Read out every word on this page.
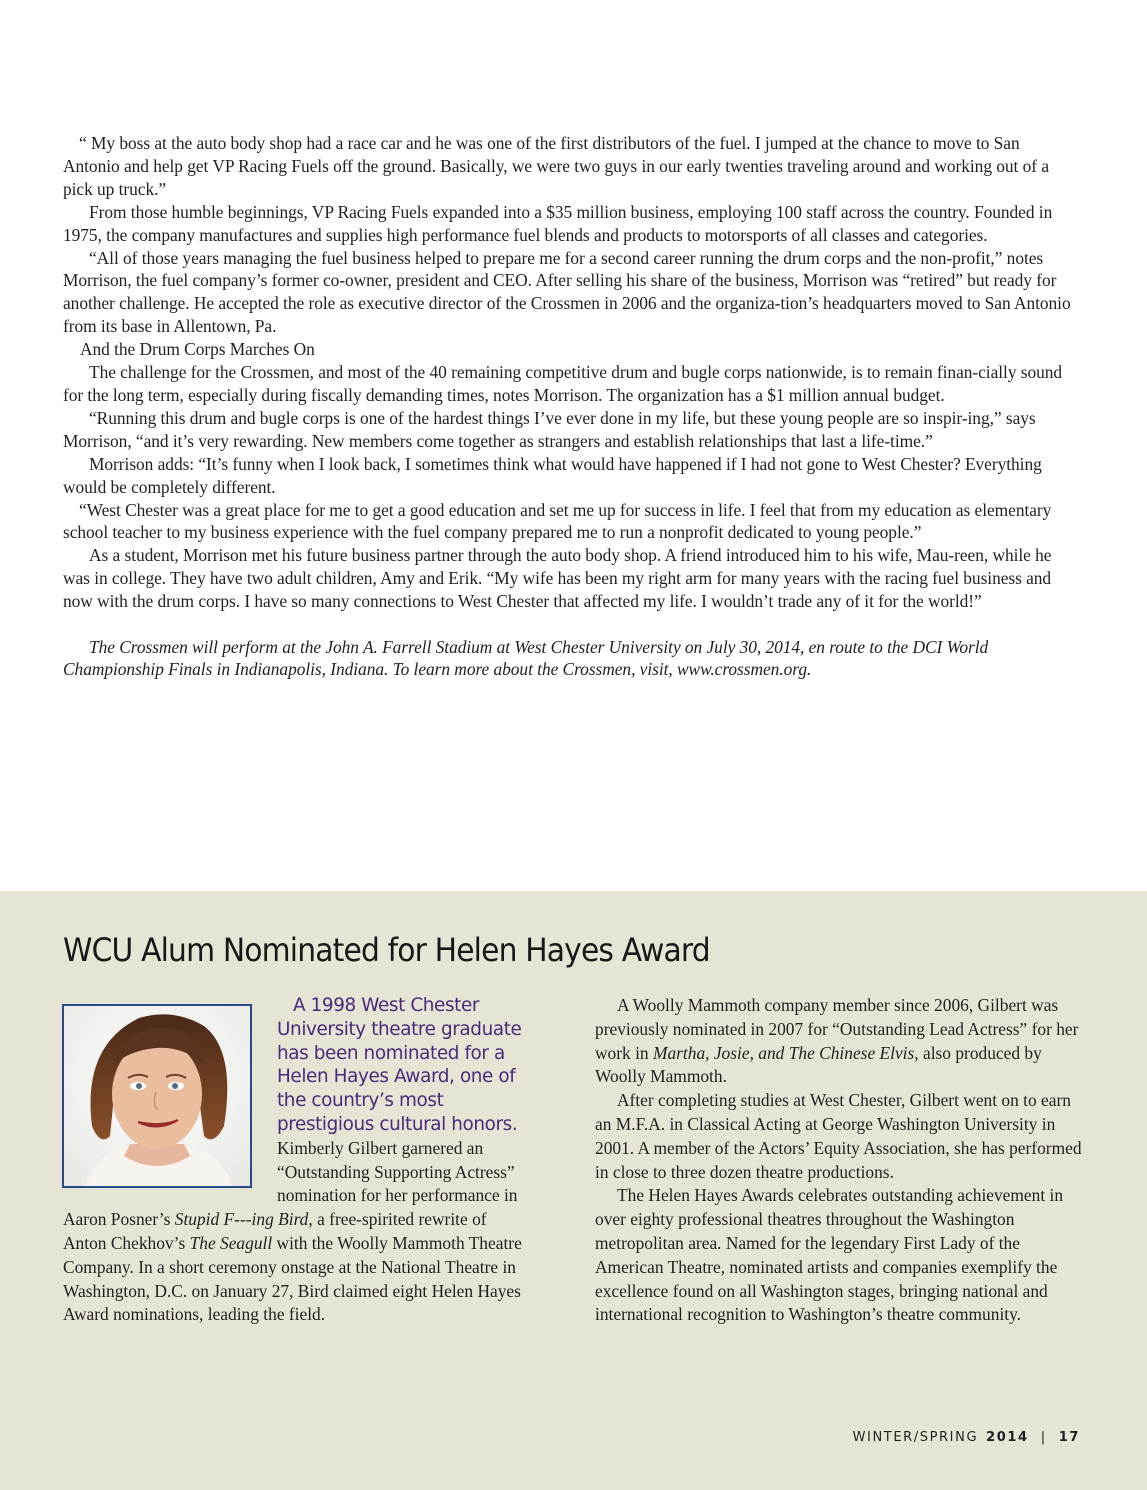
“ My boss at the auto body shop had a race car and he was one of the first distributors of the fuel. I jumped at the chance to move to San Antonio and help get VP Racing Fuels off the ground. Basically, we were two guys in our early twenties traveling around and working out of a pick up truck.”

From those humble beginnings, VP Racing Fuels expanded into a $35 million business, employing 100 staff across the country. Founded in 1975, the company manufactures and supplies high performance fuel blends and products to motorsports of all classes and categories.

“All of those years managing the fuel business helped to prepare me for a second career running the drum corps and the non-profit,” notes Morrison, the fuel company’s former co-owner, president and CEO. After selling his share of the business, Morrison was “retired” but ready for another challenge. He accepted the role as executive director of the Crossmen in 2006 and the organiza-tion’s headquarters moved to San Antonio from its base in Allentown, Pa.

And the Drum Corps Marches On

The challenge for the Crossmen, and most of the 40 remaining competitive drum and bugle corps nationwide, is to remain finan-cially sound for the long term, especially during fiscally demanding times, notes Morrison. The organization has a $1 million annual budget.

“Running this drum and bugle corps is one of the hardest things I’ve ever done in my life, but these young people are so inspir-ing,” says Morrison, “and it’s very rewarding. New members come together as strangers and establish relationships that last a life-time.”

Morrison adds: “It’s funny when I look back, I sometimes think what would have happened if I had not gone to West Chester? Everything would be completely different.

“West Chester was a great place for me to get a good education and set me up for success in life. I feel that from my education as elementary school teacher to my business experience with the fuel company prepared me to run a nonprofit dedicated to young people.”

As a student, Morrison met his future business partner through the auto body shop. A friend introduced him to his wife, Mau-reen, while he was in college. They have two adult children, Amy and Erik. “My wife has been my right arm for many years with the racing fuel business and now with the drum corps. I have so many connections to West Chester that affected my life. I wouldn’t trade any of it for the world!”

The Crossmen will perform at the John A. Farrell Stadium at West Chester University on July 30, 2014, en route to the DCI World Championship Finals in Indianapolis, Indiana. To learn more about the Crossmen, visit, www.crossmen.org.

WCU Alum Nominated for Helen Hayes Award

A 1998 West Chester University theatre graduate has been nominated for a Helen Hayes Award, one of the country’s most prestigious cultural honors. Kimberly Gilbert garnered an “Outstanding Supporting Actress” nomination for her performance in Aaron Posner’s Stupid F---ing Bird, a free-spirited rewrite of Anton Chekhov’s The Seagull with the Woolly Mammoth Theatre Company. In a short ceremony onstage at the National Theatre in Washington, D.C. on January 27, Bird claimed eight Helen Hayes Award nominations, leading the field.

A Woolly Mammoth company member since 2006, Gilbert was previously nominated in 2007 for “Outstanding Lead Actress” for her work in Martha, Josie, and The Chinese Elvis, also produced by Woolly Mammoth.

After completing studies at West Chester, Gilbert went on to earn an M.F.A. in Classical Acting at George Washington University in 2001. A member of the Actors’ Equity Association, she has performed in close to three dozen theatre productions.

The Helen Hayes Awards celebrates outstanding achievement in over eighty professional theatres throughout the Washington metropolitan area. Named for the legendary First Lady of the American Theatre, nominated artists and companies exemplify the excellence found on all Washington stages, bringing national and international recognition to Washington’s theatre community.

WINTER/SPRING 2014 | 17
